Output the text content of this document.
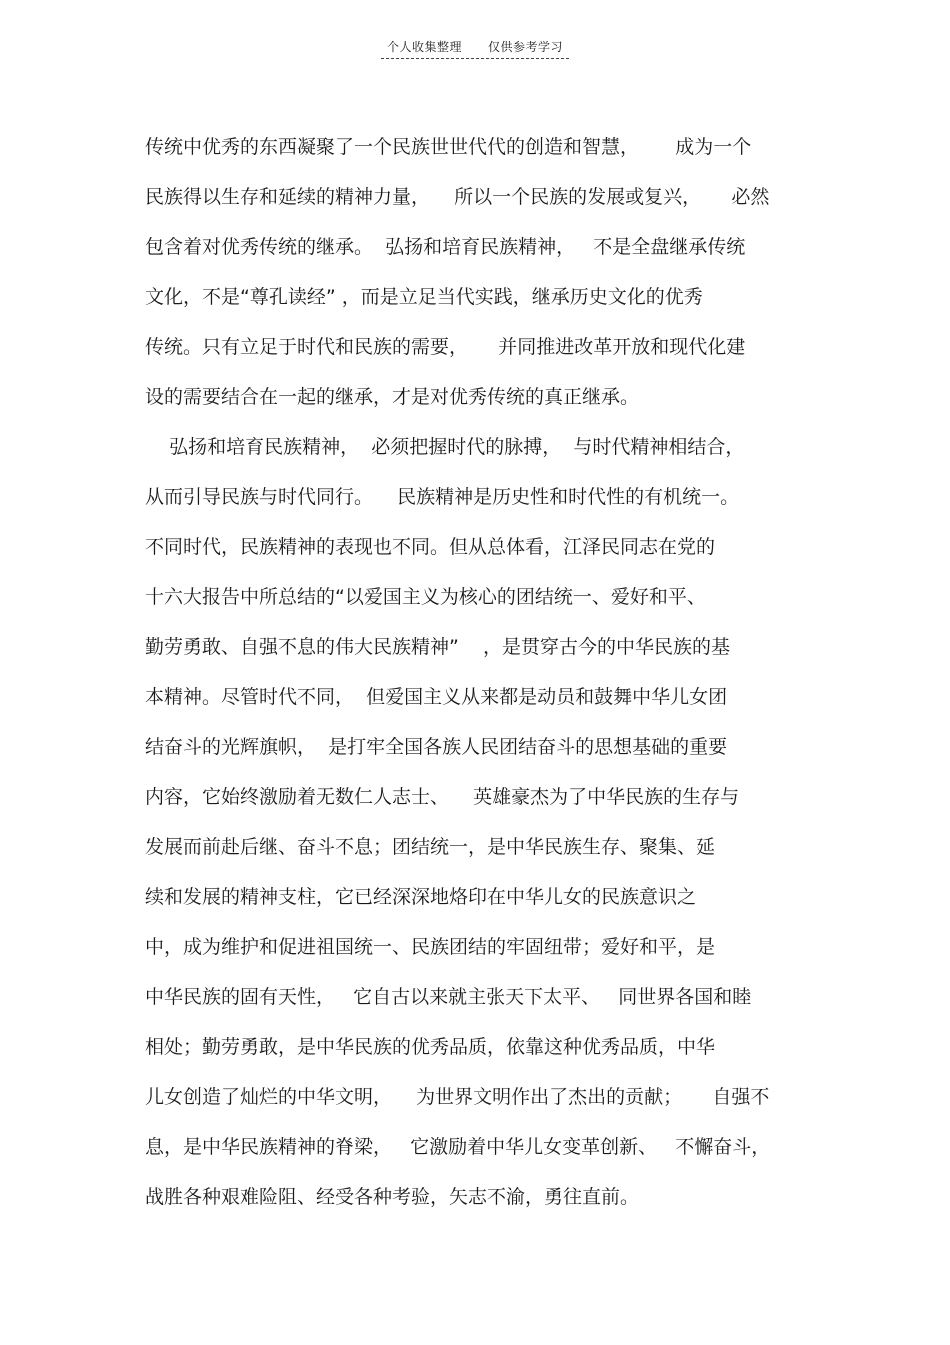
个人收集整理 仅供参考学习
传统中优秀的东西凝聚了一个民族世世代代的创造和智慧，      成为一个
民族得以生存和延续的精神力量，    所以一个民族的发展或复兴，     必然
包含着对优秀传统的继承。  弘扬和培育民族精神，   不是全盘继承传统
文化，不是“尊孔读经” ，而是立足当代实践，继承历史文化的优秀
传统。只有立足于时代和民族的需要，     并同推进改革开放和现代化建
设的需要结合在一起的继承，才是对优秀传统的真正继承。
弘扬和培育民族精神，  必须把握时代的脉搏，  与时代精神相结合，
从而引导民族与时代同行。    民族精神是历史性和时代性的有机统一。
不同时代，民族精神的表现也不同。但从总体看，江泽民同志在党的
十六大报告中所总结的“以爱国主义为核心的团结统一、爱好和平、
勤劳勇敢、自强不息的伟大民族精神”    ，是贯穿古今的中华民族的基
本精神。尽管时代不同，  但爱国主义从来都是动员和鼓舞中华儿女团
结奋斗的光辉旗帜，  是打牢全国各族人民团结奋斗的思想基础的重要
内容，它始终激励着无数仁人志士、    英雄豪杰为了中华民族的生存与
发展而前赴后继、奋斗不息；团结统一，是中华民族生存、聚集、延
续和发展的精神支柱，它已经深深地烙印在中华儿女的民族意识之
中，成为维护和促进祖国统一、民族团结的牢固纽带；爱好和平，是
中华民族的固有天性，   它自古以来就主张天下太平、   同世界各国和睦
相处；勤劳勇敢，是中华民族的优秀品质，依靠这种优秀品质，中华
儿女创造了灿烂的中华文明，    为世界文明作出了杰出的贡献；     自强不
息，是中华民族精神的脊梁，   它激励着中华儿女变革创新、   不懈奋斗，
战胜各种艰难险阻、经受各种考验，矢志不渝，勇往直前。
